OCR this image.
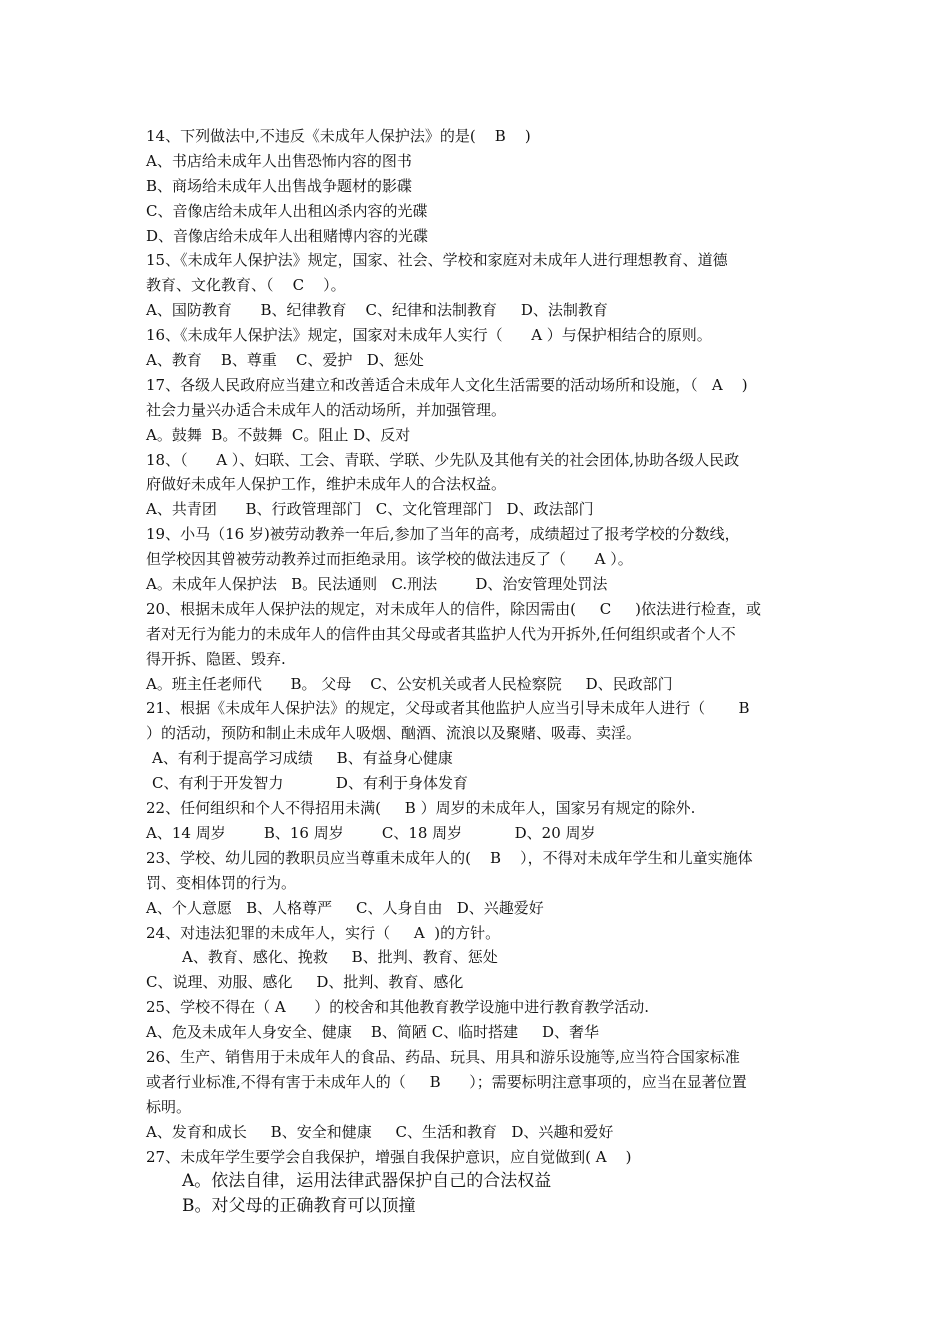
14、下列做法中,不违反《未成年人保护法》的是(    B    )
A、书店给未成年人出售恐怖内容的图书
B、商场给未成年人出售战争题材的影碟
C、音像店给未成年人出租凶杀内容的光碟
D、音像店给未成年人出租赌博内容的光碟
15、《未成年人保护法》规定，国家、社会、学校和家庭对未成年人进行理想教育、道德
教育、文化教育、（    C    ）。
A、国防教育      B、纪律教育    C、纪律和法制教育     D、法制教育
16、《未成年人保护法》规定，国家对未成年人实行（      A ）与保护相结合的原则。
A、教育    B、尊重    C、爱护   D、惩处
17、各级人民政府应当建立和改善适合未成年人文化生活需要的活动场所和设施，（   A    )
社会力量兴办适合未成年人的活动场所，并加强管理。
A。鼓舞  B。不鼓舞  C。阻止 D、反对
18、（      A ）、妇联、工会、青联、学联、少先队及其他有关的社会团体,协助各级人民政
府做好未成年人保护工作，维护未成年人的合法权益。
A、共青团      B、行政管理部门   C、文化管理部门   D、政法部门
19、小马（16 岁)被劳动教养一年后,参加了当年的高考，成绩超过了报考学校的分数线，
但学校因其曾被劳动教养过而拒绝录用。该学校的做法违反了（      A ）。
A。未成年人保护法   B。民法通则   C.刑法        D、治安管理处罚法
20、根据未成年人保护法的规定，对未成年人的信件，除因需由(     C     )依法进行检查，或
者对无行为能力的未成年人的信件由其父母或者其监护人代为开拆外,任何组织或者个人不
得开拆、隐匿、毁弃.
A。班主任老师代      B。 父母    C、公安机关或者人民检察院     D、民政部门
21、根据《未成年人保护法》的规定，父母或者其他监护人应当引导未成年人进行（       B
）的活动，预防和制止未成年人吸烟、酗酒、流浪以及聚赌、吸毒、卖淫。
A、有利于提高学习成绩     B、有益身心健康
C、有利于开发智力           D、有利于身体发育
22、任何组织和个人不得招用未满(     B ）周岁的未成年人，国家另有规定的除外.
A、14 周岁        B、16 周岁        C、18 周岁           D、20 周岁
23、学校、幼儿园的教职员应当尊重未成年人的(    B    ），不得对未成年学生和儿童实施体
罚、变相体罚的行为。
A、个人意愿   B、人格尊严     C、人身自由   D、兴趣爱好
24、对违法犯罪的未成年人，实行（     A  )的方针。
A、教育、感化、挽救     B、批判、教育、惩处
C、说理、劝服、感化     D、批判、教育、感化
25、学校不得在（ A      ）的校舍和其他教育教学设施中进行教育教学活动.
A、危及未成年人身安全、健康    B、简陋 C、临时搭建     D、奢华
26、生产、销售用于未成年人的食品、药品、玩具、用具和游乐设施等,应当符合国家标准
或者行业标准,不得有害于未成年人的（     B      ）；需要标明注意事项的，应当在显著位置
标明。
A、发育和成长     B、安全和健康     C、生活和教育   D、兴趣和爱好
27、未成年学生要学会自我保护，增强自我保护意识，应自觉做到( A    )
A。依法自律，运用法律武器保护自己的合法权益
B。对父母的正确教育可以顶撞
